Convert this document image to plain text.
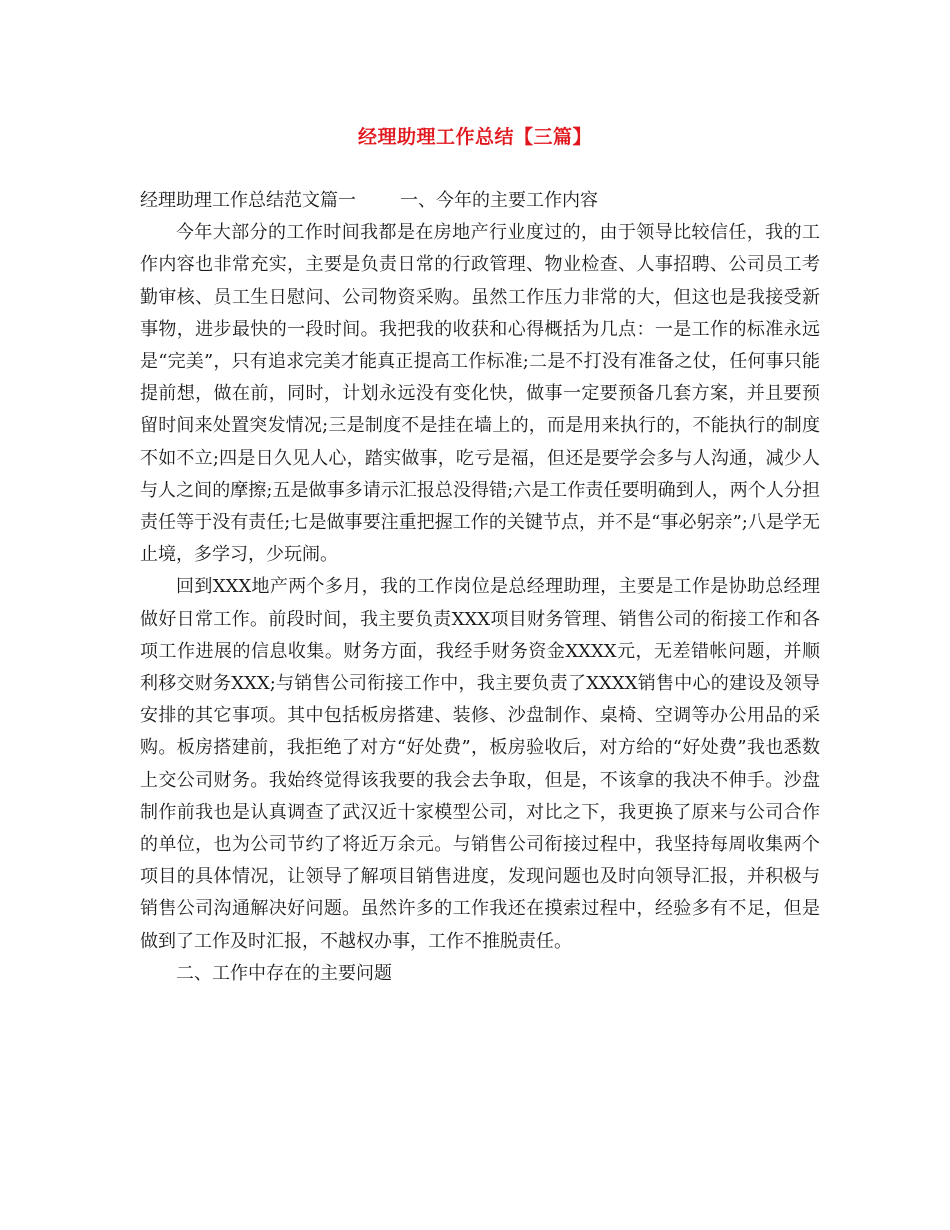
经理助理工作总结【三篇】

经理助理工作总结范文篇一 一、今年的主要工作内容

今年大部分的工作时间我都是在房地产行业度过的，由于领导比较信任，我的工作内容也非常充实，主要是负责日常的行政管理、物业检查、人事招聘、公司员工考勤审核、员工生日慰问、公司物资采购。虽然工作压力非常的大，但这也是我接受新事物，进步最快的一段时间。我把我的收获和心得概括为几点：一是工作的标准永远是“完美”，只有追求完美才能真正提高工作标准;二是不打没有准备之仗，任何事只能提前想，做在前，同时，计划永远没有变化快，做事一定要预备几套方案，并且要预留时间来处置突发情况;三是制度不是挂在墙上的，而是用来执行的，不能执行的制度不如不立;四是日久见人心，踏实做事，吃亏是福，但还是要学会多与人沟通，减少人与人之间的摩擦;五是做事多请示汇报总没得错;六是工作责任要明确到人，两个人分担责任等于没有责任;七是做事要注重把握工作的关键节点，并不是“事必躬亲”;八是学无止境，多学习，少玩闹。

回到XXX地产两个多月，我的工作岗位是总经理助理，主要是工作是协助总经理做好日常工作。前段时间，我主要负责XXX项目财务管理、销售公司的衔接工作和各项工作进展的信息收集。财务方面，我经手财务资金XXXX元，无差错帐问题，并顺利移交财务XXX;与销售公司衔接工作中，我主要负责了XXXX销售中心的建设及领导安排的其它事项。其中包括板房搭建、装修、沙盘制作、桌椅、空调等办公用品的采购。板房搭建前，我拒绝了对方“好处费”，板房验收后，对方给的“好处费”我也悉数上交公司财务。我始终觉得该我要的我会去争取，但是，不该拿的我决不伸手。沙盘制作前我也是认真调查了武汉近十家模型公司，对比之下，我更换了原来与公司合作的单位，也为公司节约了将近万余元。与销售公司衔接过程中，我坚持每周收集两个项目的具体情况，让领导了解项目销售进度，发现问题也及时向领导汇报，并积极与销售公司沟通解决好问题。虽然许多的工作我还在摸索过程中，经验多有不足，但是做到了工作及时汇报，不越权办事，工作不推脱责任。

二、工作中存在的主要问题
